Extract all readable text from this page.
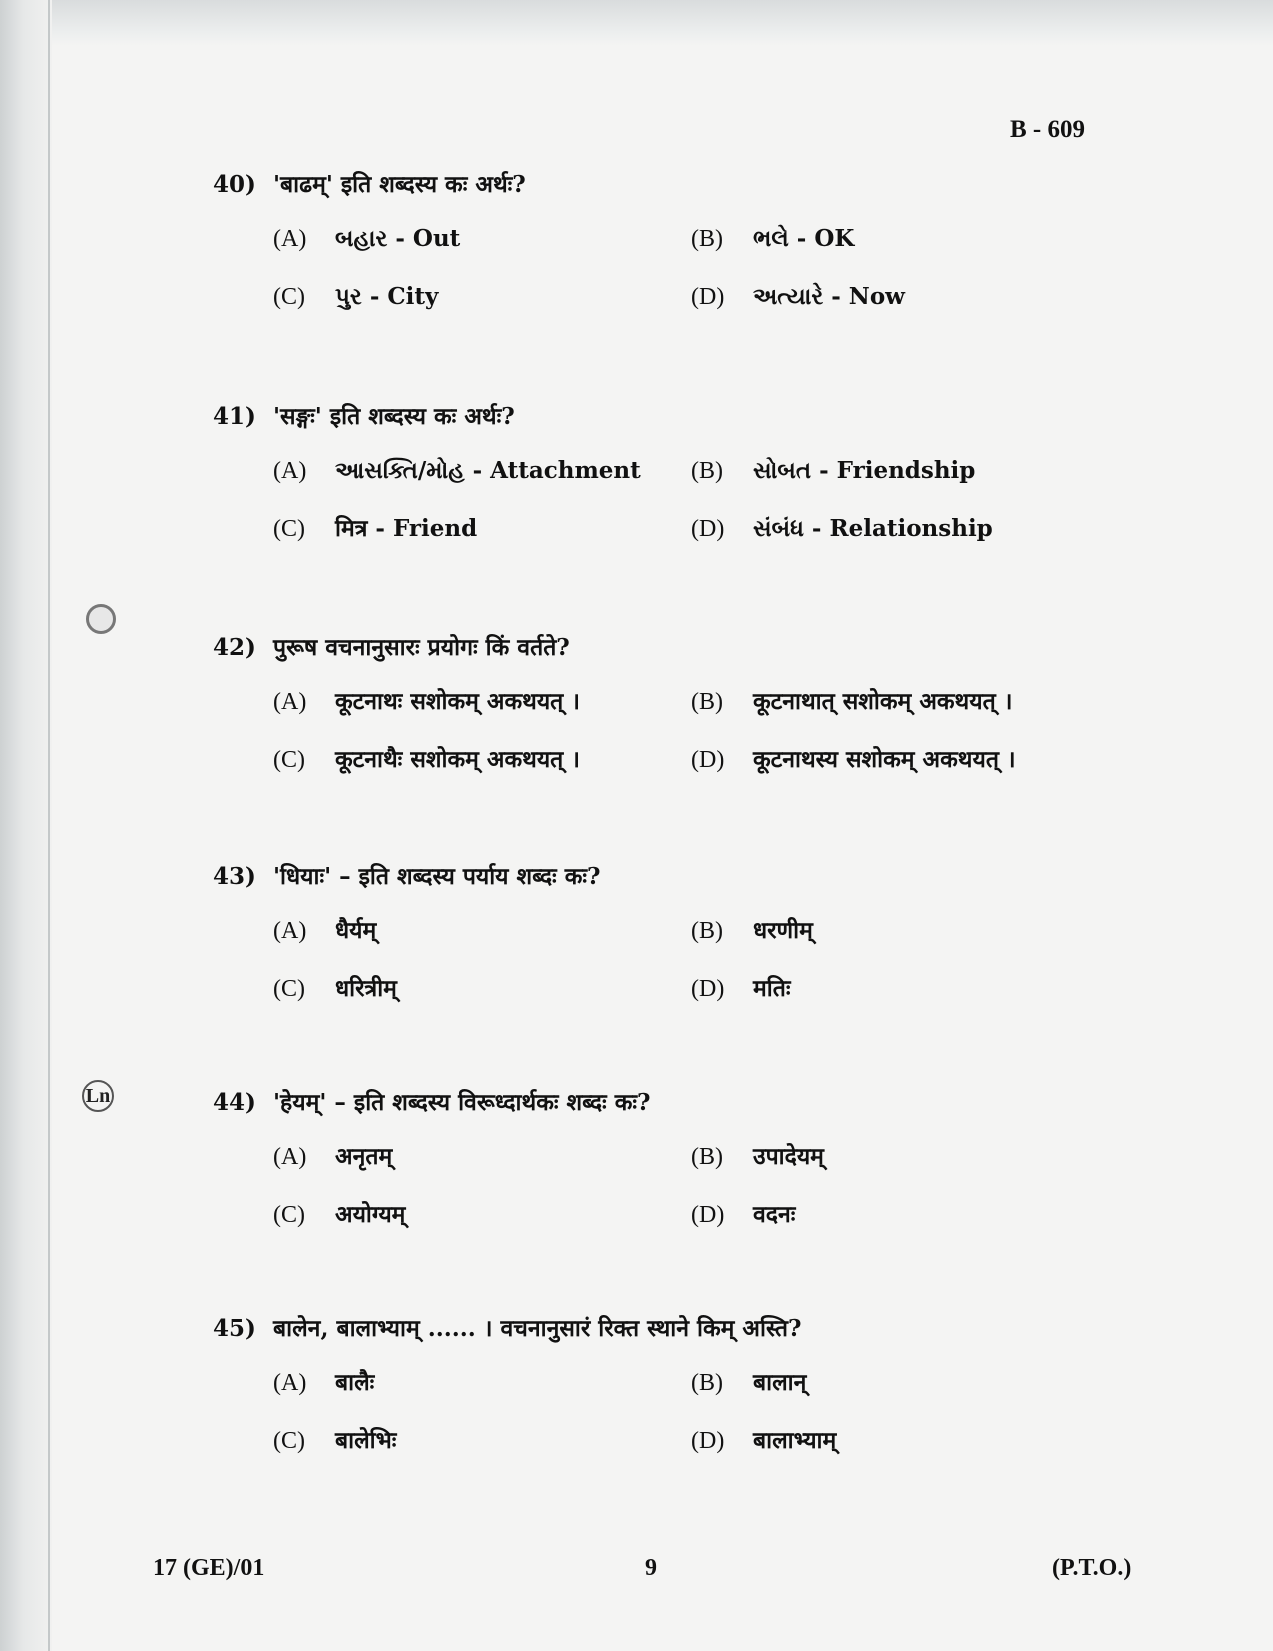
B - 609
Ln
40) 'बाढम्' इति शब्दस्य कः अर्थः?
(A) બહાર - Out	(B) ભલે - OK
(C) પુર - City	(D) અત્યારે - Now
41) 'सङ्गः' इति शब्दस्य कः अर्थः?
(A) આસક્તિ/મોહ - Attachment (B) સોબત - Friendship
(C) मित्र - Friend	(D) સંબંધ - Relationship
42) पुरूष वचनानुसारः प्रयोगः किं वर्तते?
(A) कूटनाथः सशोकम् अकथयत् ।	(B) कूटनाथात् सशोकम् अकथयत् ।
(C) कूटनाथैः सशोकम् अकथयत् ।	(D) कूटनाथस्य सशोकम् अकथयत् ।
43) 'धियाः' – इति शब्दस्य पर्याय शब्दः कः?
(A) धैर्यम्	(B) धरणीम्
(C) धरित्रीम्	(D) मतिः
44) 'हेयम्' – इति शब्दस्य विरूध्दार्थकः शब्दः कः?
(A) अनृतम्	(B) उपादेयम्
(C) अयोग्यम्	(D) वदनः
45) बालेन, बालाभ्याम् ...... । वचनानुसारं रिक्त स्थाने किम् अस्ति?
(A) बालैः	(B) बालान्
(C) बालेभिः	(D) बालाभ्याम्
17 (GE)/01	9	(P.T.O.)
